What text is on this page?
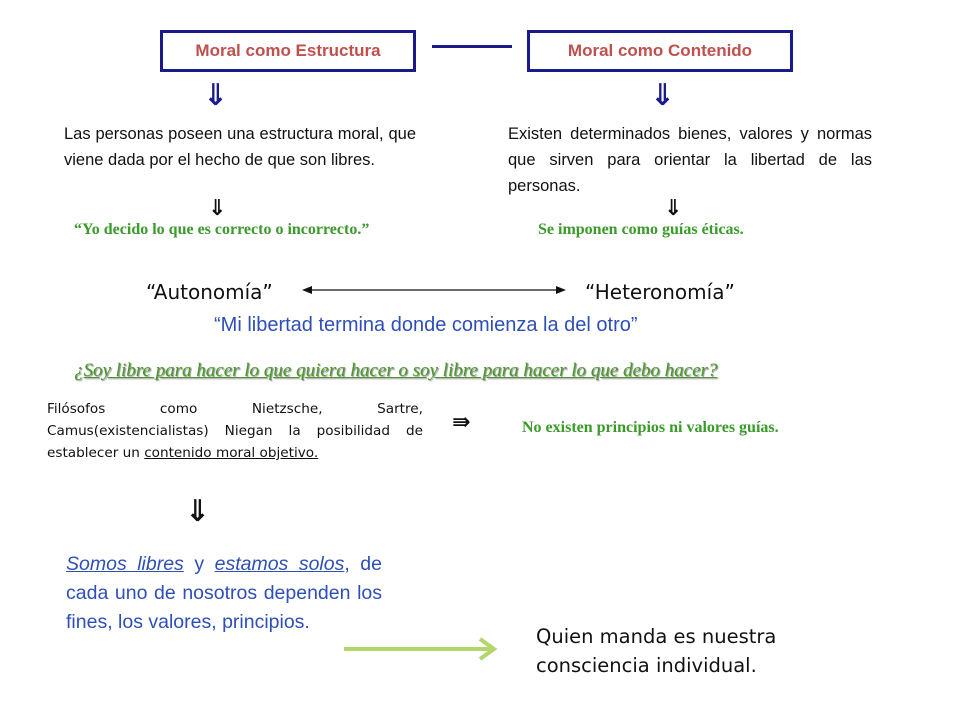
Moral como Estructura	Moral como Contenido
⇓	⇓
Las personas poseen una estructura moral, que viene dada por el hecho de que son libres.
Existen determinados bienes, valores y normas que sirven para orientar la libertad de las personas.
⇓	⇓
“Yo decido lo que es correcto o incorrecto.”	Se imponen como guías éticas.
“Autonomía”	“Heteronomía”
“Mi libertad termina donde comienza la del otro”
¿Soy libre para hacer lo que quiera hacer o soy libre para hacer lo que debo hacer?
Filósofos como Nietzsche, Sartre, Camus(existencialistas) Niegan la posibilidad de establecer un contenido moral objetivo.
⇛	No existen principios ni valores guías.
⇓
Somos libres y estamos solos, de cada uno de nosotros dependen los fines, los valores, principios.
Quien manda es nuestra consciencia individual.
